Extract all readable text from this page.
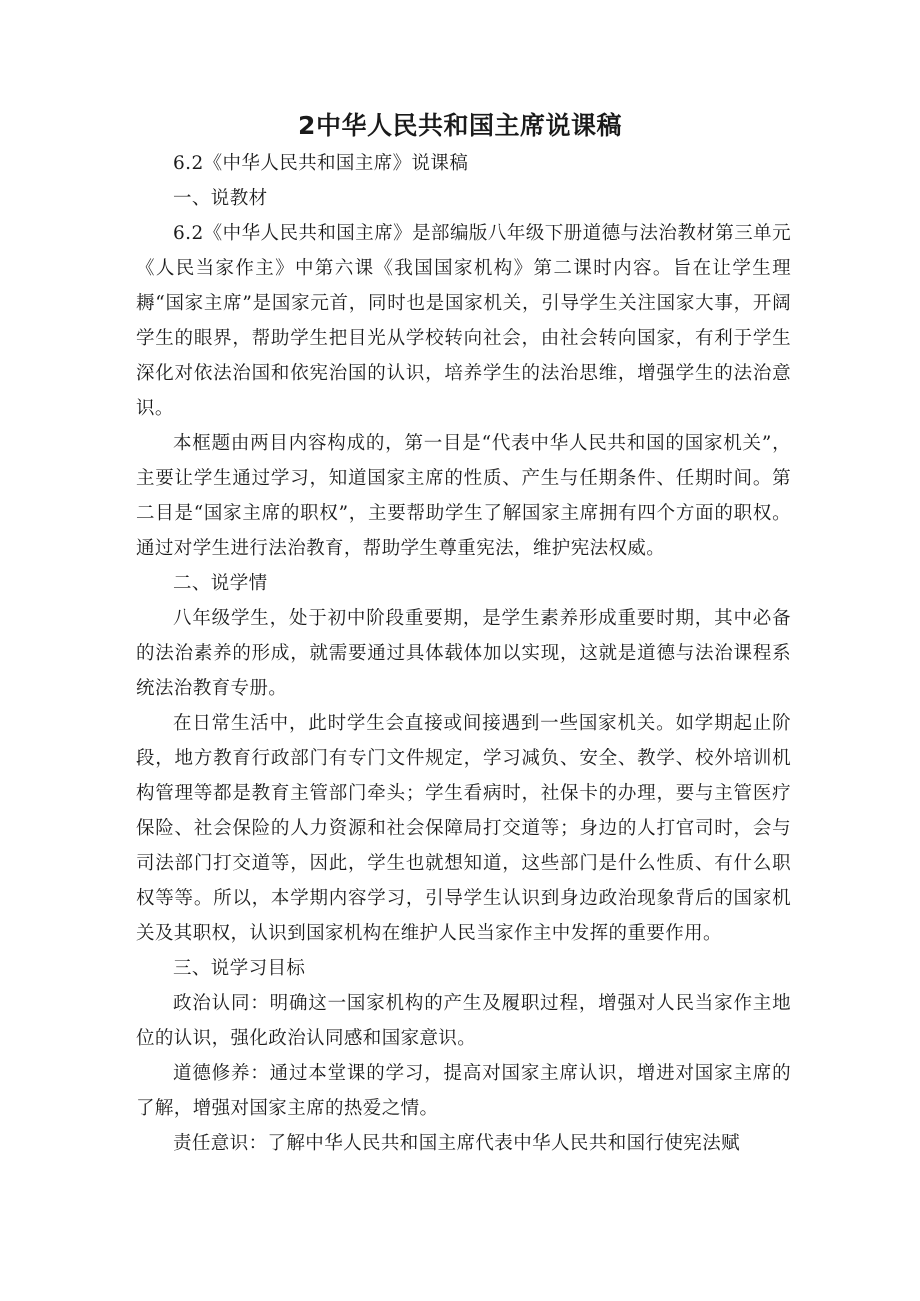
2中华人民共和国主席说课稿

6.2《中华人民共和国主席》说课稿

一、说教材

6.2《中华人民共和国主席》是部编版八年级下册道德与法治教材第三单元《人民当家作主》中第六课《我国国家机构》第二课时内容。旨在让学生理耨“国家主席”是国家元首，同时也是国家机关，引导学生关注国家大事，开阔学生的眼界，帮助学生把目光从学校转向社会，由社会转向国家，有利于学生深化对依法治国和依宪治国的认识，培养学生的法治思维，增强学生的法治意识。

本框题由两目内容构成的，第一目是“代表中华人民共和国的国家机关”，主要让学生通过学习，知道国家主席的性质、产生与任期条件、任期时间。第二目是“国家主席的职权”，主要帮助学生了解国家主席拥有四个方面的职权。通过对学生进行法治教育，帮助学生尊重宪法，维护宪法权威。

二、说学情

八年级学生，处于初中阶段重要期，是学生素养形成重要时期，其中必备的法治素养的形成，就需要通过具体载体加以实现，这就是道德与法治课程系统法治教育专册。

在日常生活中，此时学生会直接或间接遇到一些国家机关。如学期起止阶段，地方教育行政部门有专门文件规定，学习减负、安全、教学、校外培训机构管理等都是教育主管部门牵头；学生看病时，社保卡的办理，要与主管医疗保险、社会保险的人力资源和社会保障局打交道等；身边的人打官司时，会与司法部门打交道等，因此，学生也就想知道，这些部门是什么性质、有什么职权等等。所以，本学期内容学习，引导学生认识到身边政治现象背后的国家机关及其职权，认识到国家机构在维护人民当家作主中发挥的重要作用。

三、说学习目标

政治认同：明确这一国家机构的产生及履职过程，增强对人民当家作主地位的认识，强化政治认同感和国家意识。

道德修养：通过本堂课的学习，提高对国家主席认识，增进对国家主席的了解，增强对国家主席的热爱之情。

责任意识：了解中华人民共和国主席代表中华人民共和国行使宪法赋
